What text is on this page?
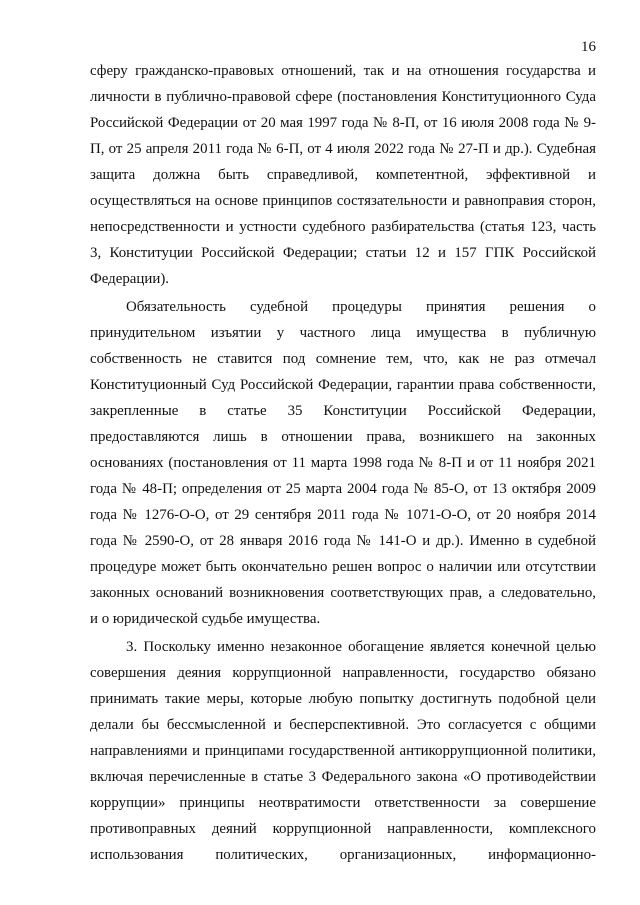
16
сферу гражданско-правовых отношений, так и на отношения государства и
личности в публично-правовой сфере (постановления Конституционного Суда
Российской Федерации от 20 мая 1997 года № 8-П, от 16 июля 2008 года № 9-
П, от 25 апреля 2011 года № 6-П, от 4 июля 2022 года № 27-П и др.). Судебная
защита должна быть справедливой, компетентной, эффективной и
осуществляться на основе принципов состязательности и равноправия сторон,
непосредственности и устности судебного разбирательства (статья 123, часть
3, Конституции Российской Федерации; статьи 12 и 157 ГПК Российской
Федерации).
Обязательность судебной процедуры принятия решения о
принудительном изъятии у частного лица имущества в публичную
собственность не ставится под сомнение тем, что, как не раз отмечал
Конституционный Суд Российской Федерации, гарантии права собственности,
закрепленные в статье 35 Конституции Российской Федерации,
предоставляются лишь в отношении права, возникшего на законных
основаниях (постановления от 11 марта 1998 года № 8-П и от 11 ноября 2021
года № 48-П; определения от 25 марта 2004 года № 85-О, от 13 октября 2009
года № 1276-О-О, от 29 сентября 2011 года № 1071-О-О, от 20 ноября 2014
года № 2590-О, от 28 января 2016 года № 141-О и др.). Именно в судебной
процедуре может быть окончательно решен вопрос о наличии или отсутствии
законных оснований возникновения соответствующих прав, а следовательно,
и о юридической судьбе имущества.
3. Поскольку именно незаконное обогащение является конечной целью
совершения деяния коррупционной направленности, государство обязано
принимать такие меры, которые любую попытку достигнуть подобной цели
делали бы бессмысленной и бесперспективной. Это согласуется с общими
направлениями и принципами государственной антикоррупционной политики,
включая перечисленные в статье 3 Федерального закона «О противодействии
коррупции» принципы неотвратимости ответственности за совершение
противоправных деяний коррупционной направленности, комплексного
использования политических, организационных, информационно-
